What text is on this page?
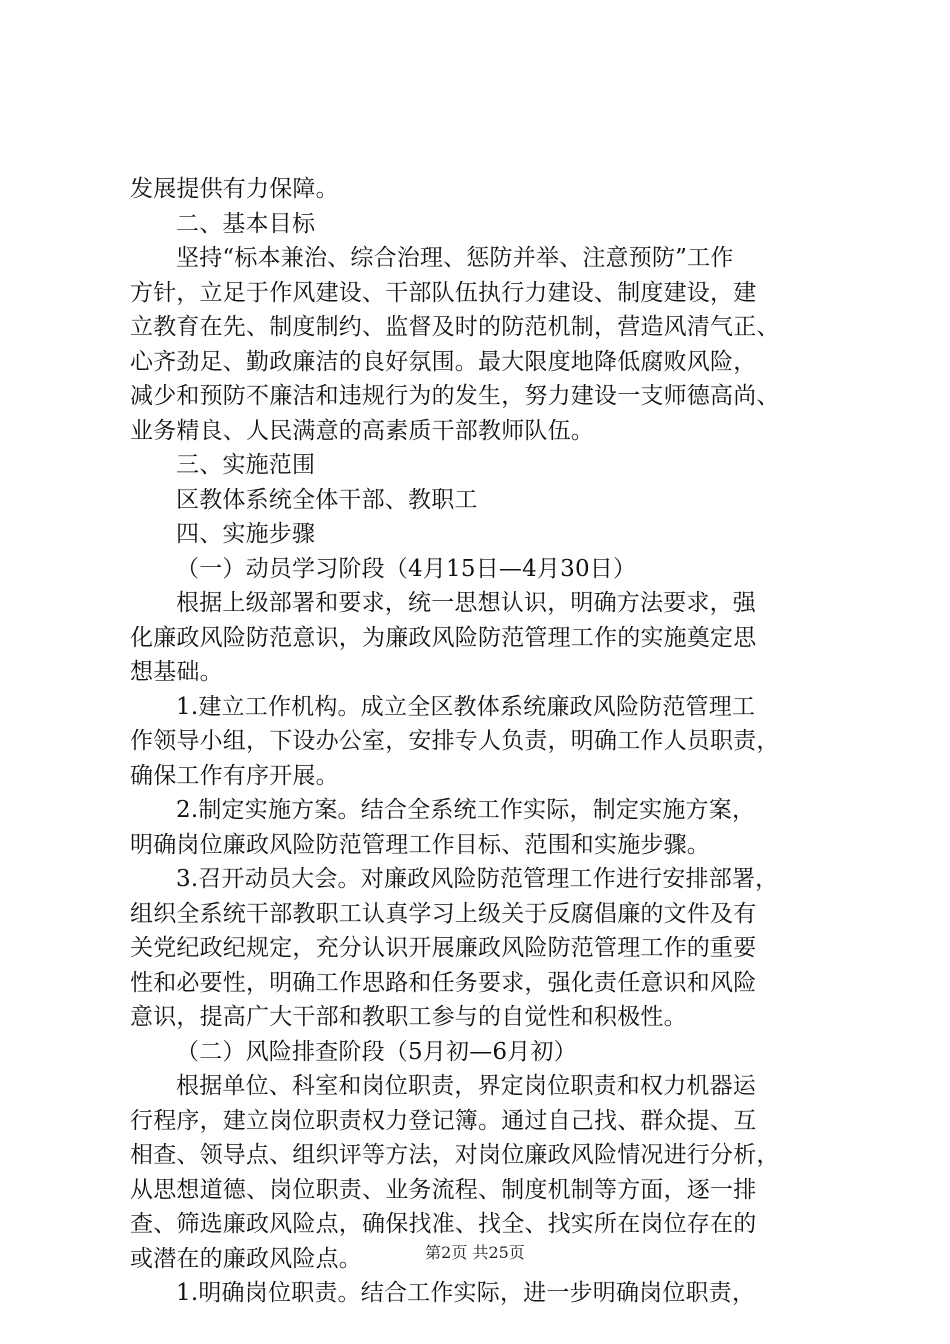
发展提供有力保障。
二、基本目标
坚持“标本兼治、综合治理、惩防并举、注意预防”工作
方针，立足于作风建设、干部队伍执行力建设、制度建设，建
立教育在先、制度制约、监督及时的防范机制，营造风清气正、
心齐劲足、勤政廉洁的良好氛围。最大限度地降低腐败风险，
减少和预防不廉洁和违规行为的发生，努力建设一支师德高尚、
业务精良、人民满意的高素质干部教师队伍。
三、实施范围
区教体系统全体干部、教职工
四、实施步骤
（一）动员学习阶段（4月15日—4月30日）
根据上级部署和要求，统一思想认识，明确方法要求，强
化廉政风险防范意识，为廉政风险防范管理工作的实施奠定思
想基础。
1.建立工作机构。成立全区教体系统廉政风险防范管理工
作领导小组，下设办公室，安排专人负责，明确工作人员职责，
确保工作有序开展。
2.制定实施方案。结合全系统工作实际，制定实施方案，
明确岗位廉政风险防范管理工作目标、范围和实施步骤。
3.召开动员大会。对廉政风险防范管理工作进行安排部署，
组织全系统干部教职工认真学习上级关于反腐倡廉的文件及有
关党纪政纪规定，充分认识开展廉政风险防范管理工作的重要
性和必要性，明确工作思路和任务要求，强化责任意识和风险
意识，提高广大干部和教职工参与的自觉性和积极性。
（二）风险排查阶段（5月初—6月初）
根据单位、科室和岗位职责，界定岗位职责和权力机器运
行程序，建立岗位职责权力登记簿。通过自己找、群众提、互
相查、领导点、组织评等方法，对岗位廉政风险情况进行分析，
从思想道德、岗位职责、业务流程、制度机制等方面，逐一排
查、筛选廉政风险点，确保找准、找全、找实所在岗位存在的
或潜在的廉政风险点。
1.明确岗位职责。结合工作实际，进一步明确岗位职责，
第2页 共25页
